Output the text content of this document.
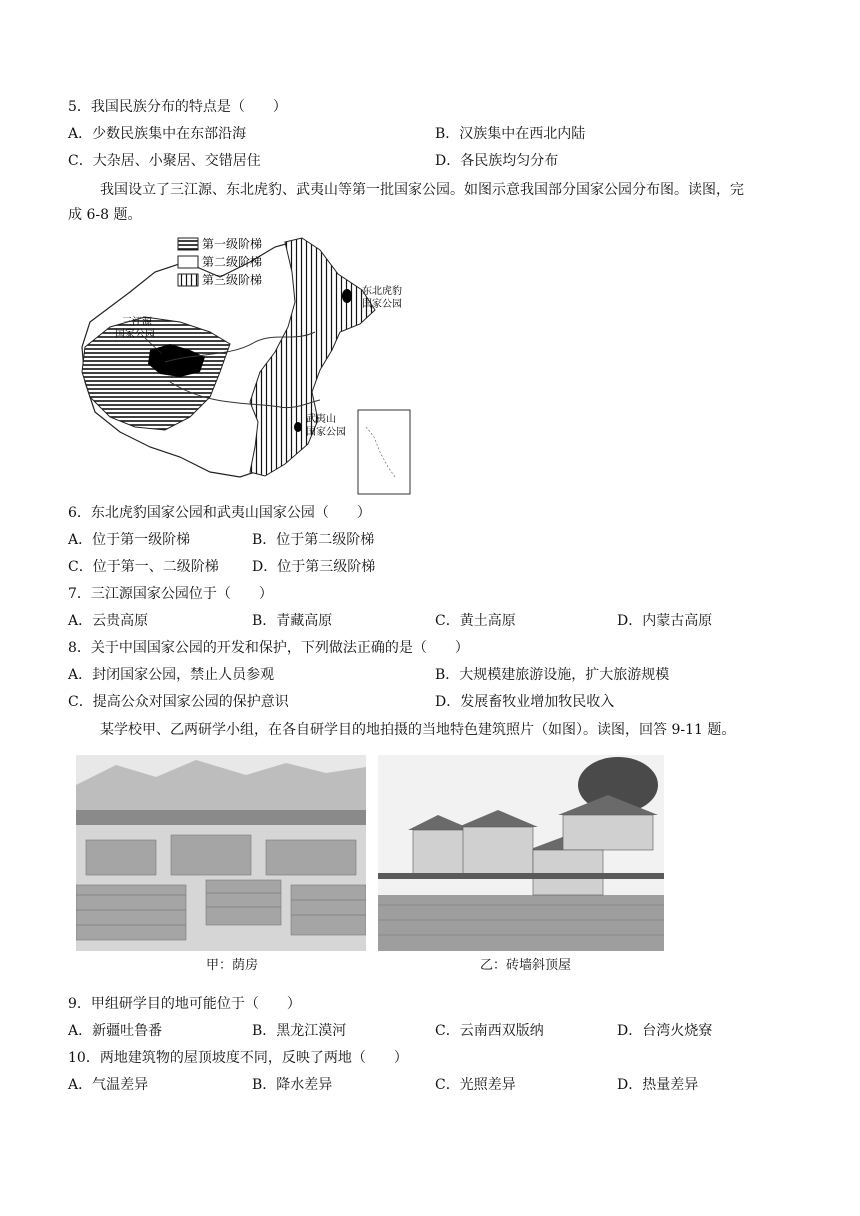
5．我国民族分布的特点是（　　）
A．少数民族集中在东部沿海	B．汉族集中在西北内陆
C．大杂居、小聚居、交错居住	D．各民族均匀分布
我国设立了三江源、东北虎豹、武夷山等第一批国家公园。如图示意我国部分国家公园分布图。读图，完
成 6-8 题。
第一级阶梯
第二级阶梯
第三级阶梯
三江源
国家公园
东北虎豹
国家公园
武夷山
国家公园
6．东北虎豹国家公园和武夷山国家公园（　　）
A．位于第一级阶梯	B．位于第二级阶梯
C．位于第一、二级阶梯 D．位于第三级阶梯
7．三江源国家公园位于（　　）
A．云贵高原	B．青藏高原	C．黄土高原	D．内蒙古高原
8．关于中国国家公园的开发和保护，下列做法正确的是（　　）
A．封闭国家公园，禁止人员参观	B．大规模建旅游设施，扩大旅游规模
C．提高公众对国家公园的保护意识	D．发展畜牧业增加牧民收入
某学校甲、乙两研学小组，在各自研学目的地拍摄的当地特色建筑照片（如图）。读图，回答 9-11 题。
甲：荫房	乙：砖墙斜顶屋
9．甲组研学目的地可能位于（　　）
A．新疆吐鲁番	B．黑龙江漠河	C．云南西双版纳	D．台湾火烧寮
10．两地建筑物的屋顶坡度不同，反映了两地（　　）
A．气温差异	B．降水差异	C．光照差异	D．热量差异
